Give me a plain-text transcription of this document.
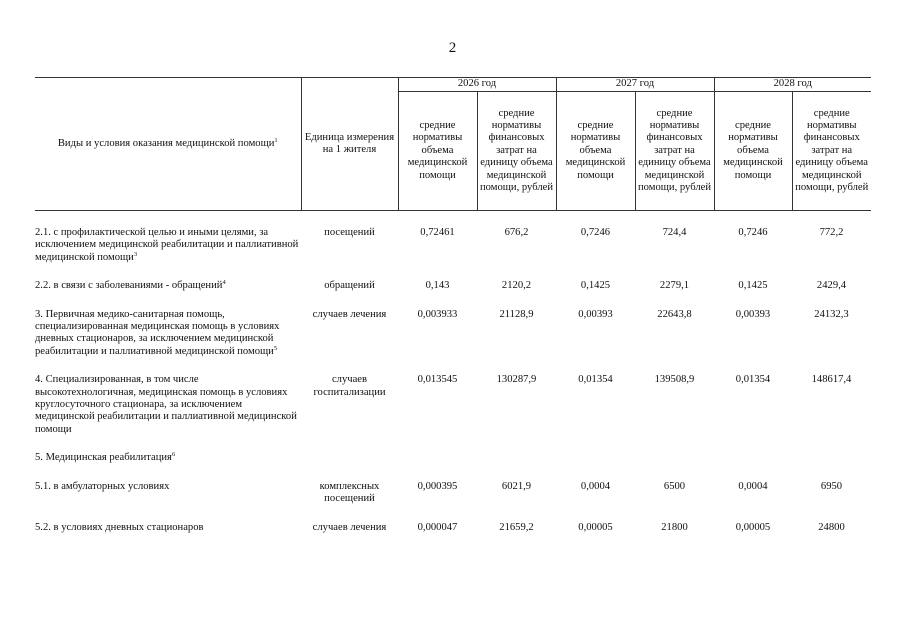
2
Виды и условия оказания медицинской помощи$^1$	Единица измерения на 1 жителя	2026 год		2027 год		2028 год	
		средние нормативы объема медицинской помощи	средние нормативы финансовых затрат на единицу объема медицинской помощи, рублей	средние нормативы объема медицинской помощи	средние нормативы финансовых затрат на единицу объема медицинской помощи, рублей	средние нормативы объема медицинской помощи	средние нормативы финансовых затрат на единицу объема медицинской помощи, рублей

2.1. с профилактической целью и иными целями, за исключением медицинской реабилитации и паллиативной медицинской помощи$^3$	посещений	0,72461	676,2	0,7246	724,4	0,7246	772,2

2.2. в связи с заболеваниями - обращений$^4$	обращений	0,143	2120,2	0,1425	2279,1	0,1425	2429,4

3. Первичная медико-санитарная помощь, специализированная медицинская помощь в условиях дневных стационаров, за исключением медицинской реабилитации и паллиативной медицинской помощи$^5$	случаев лечения	0,003933	21128,9	0,00393	22643,8	0,00393	24132,3

4. Специализированная, в том числе высокотехнологичная, медицинская помощь в условиях круглосуточного стационара, за исключением медицинской реабилитации и паллиативной медицинской помощи	случаев госпитализации	0,013545	130287,9	0,01354	139508,9	0,01354	148617,4

5. Медицинская реабилитация$^6$							

5.1. в амбулаторных условиях	комплексных посещений	0,000395	6021,9	0,0004	6500	0,0004	6950

5.2. в условиях дневных стационаров	случаев лечения	0,000047	21659,2	0,00005	21800	0,00005	24800
